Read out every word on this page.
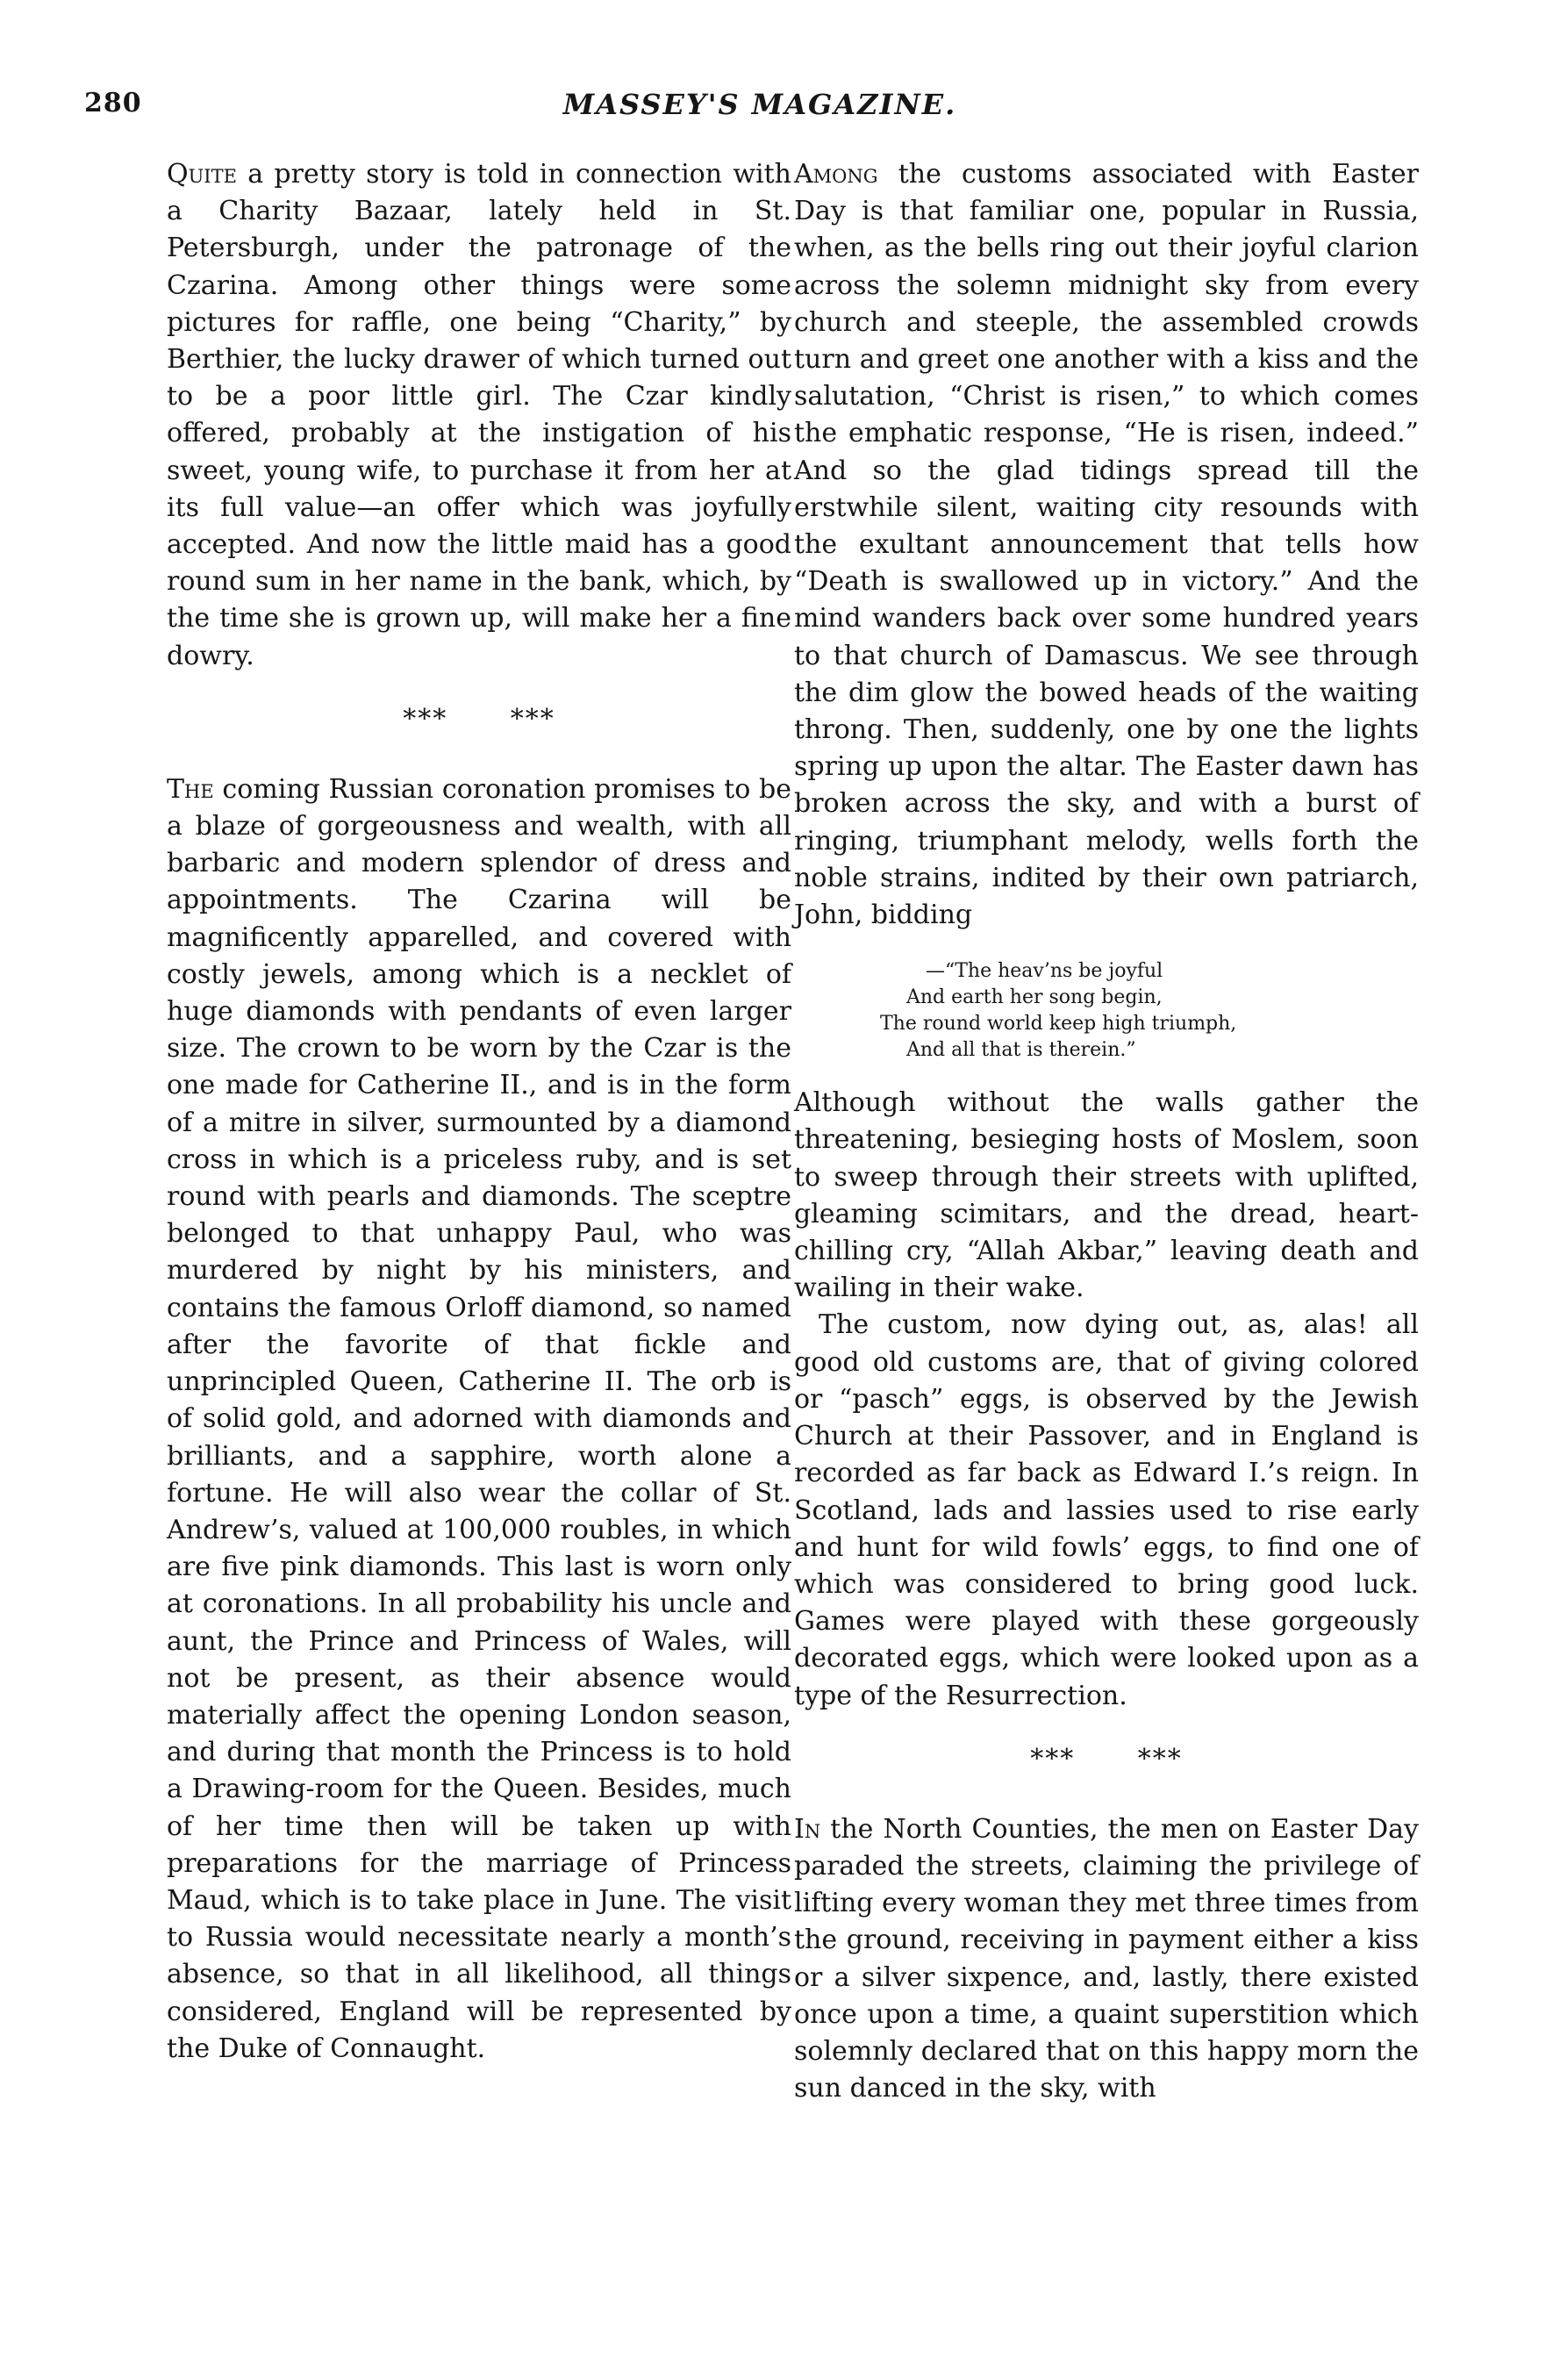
280	MASSEY'S MAGAZINE.

Quite a pretty story is told in connection with a Charity Bazaar, lately held in St. Petersburgh, under the patronage of the Czarina. Among other things were some pictures for raffle, one being “Charity,” by Berthier, the lucky drawer of which turned out to be a poor little girl. The Czar kindly offered, probably at the instigation of his sweet, young wife, to purchase it from her at its full value—an offer which was joyfully accepted. And now the little maid has a good round sum in her name in the bank, which, by the time she is grown up, will make her a fine dowry.

*** ***

The coming Russian coronation promises to be a blaze of gorgeousness and wealth, with all barbaric and modern splendor of dress and appointments. The Czarina will be magnificently apparelled, and covered with costly jewels, among which is a necklet of huge diamonds with pendants of even larger size. The crown to be worn by the Czar is the one made for Catherine II., and is in the form of a mitre in silver, surmounted by a diamond cross in which is a priceless ruby, and is set round with pearls and diamonds. The sceptre belonged to that unhappy Paul, who was murdered by night by his ministers, and contains the famous Orloff diamond, so named after the favorite of that fickle and unprincipled Queen, Catherine II. The orb is of solid gold, and adorned with diamonds and brilliants, and a sapphire, worth alone a fortune. He will also wear the collar of St. Andrew’s, valued at 100,000 roubles, in which are five pink diamonds. This last is worn only at coronations. In all probability his uncle and aunt, the Prince and Princess of Wales, will not be present, as their absence would materially affect the opening London season, and during that month the Princess is to hold a Drawing-room for the Queen. Besides, much of her time then will be taken up with preparations for the marriage of Princess Maud, which is to take place in June. The visit to Russia would necessitate nearly a month’s absence, so that in all likelihood, all things considered, England will be represented by the Duke of Connaught.

Among the customs associated with Easter Day is that familiar one, popular in Russia, when, as the bells ring out their joyful clarion across the solemn midnight sky from every church and steeple, the assembled crowds turn and greet one another with a kiss and the salutation, “Christ is risen,” to which comes the emphatic response, “He is risen, indeed.” And so the glad tidings spread till the erstwhile silent, waiting city resounds with the exultant announcement that tells how “Death is swallowed up in victory.” And the mind wanders back over some hundred years to that church of Damascus. We see through the dim glow the bowed heads of the waiting throng. Then, suddenly, one by one the lights spring up upon the altar. The Easter dawn has broken across the sky, and with a burst of ringing, triumphant melody, wells forth the noble strains, indited by their own patriarch, John, bidding

—“The heav’ns be joyful
And earth her song begin,
The round world keep high triumph,
And all that is therein.”

Although without the walls gather the threatening, besieging hosts of Moslem, soon to sweep through their streets with uplifted, gleaming scimitars, and the dread, heart-chilling cry, “Allah Akbar,” leaving death and wailing in their wake.

The custom, now dying out, as, alas! all good old customs are, that of giving colored or “pasch” eggs, is observed by the Jewish Church at their Passover, and in England is recorded as far back as Edward I.’s reign. In Scotland, lads and lassies used to rise early and hunt for wild fowls’ eggs, to find one of which was considered to bring good luck. Games were played with these gorgeously decorated eggs, which were looked upon as a type of the Resurrection.

*** ***

In the North Counties, the men on Easter Day paraded the streets, claiming the privilege of lifting every woman they met three times from the ground, receiving in payment either a kiss or a silver sixpence, and, lastly, there existed once upon a time, a quaint superstition which solemnly declared that on this happy morn the sun danced in the sky, with
